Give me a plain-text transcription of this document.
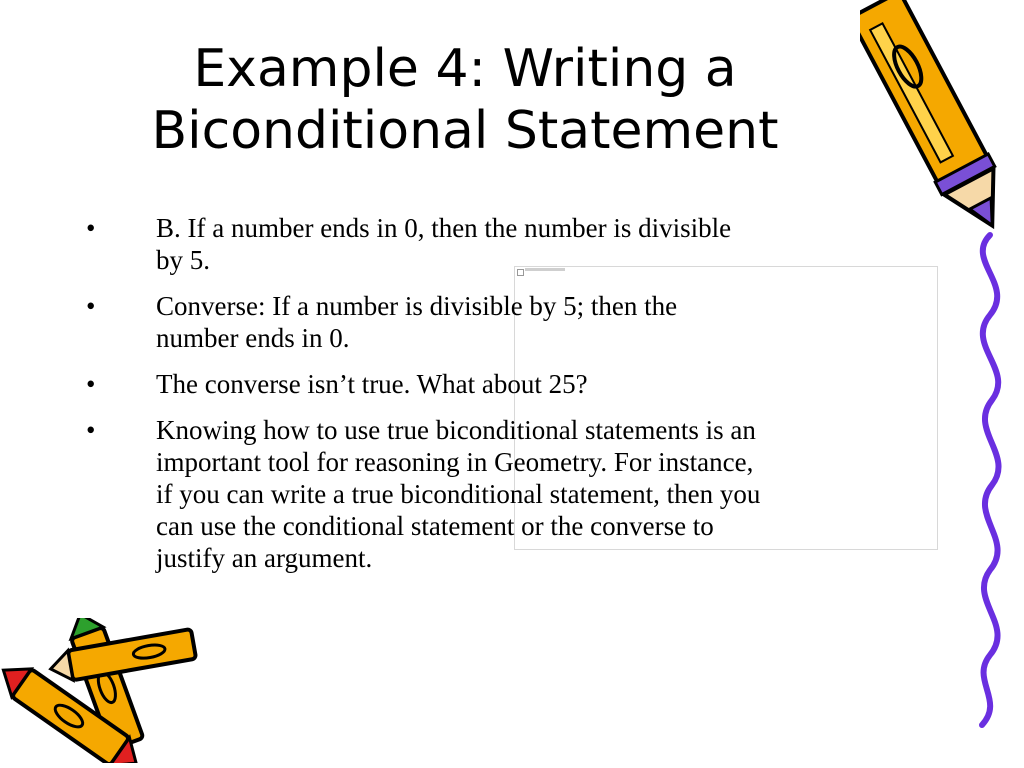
Example 4: Writing a
Biconditional Statement
• B. If a number ends in 0, then the number is divisible
by 5.
• Converse: If a number is divisible by 5; then the
number ends in 0.
• The converse isn’t true. What about 25?
• Knowing how to use true biconditional statements is an
important tool for reasoning in Geometry. For instance,
if you can write a true biconditional statement, then you
can use the conditional statement or the converse to
justify an argument.
